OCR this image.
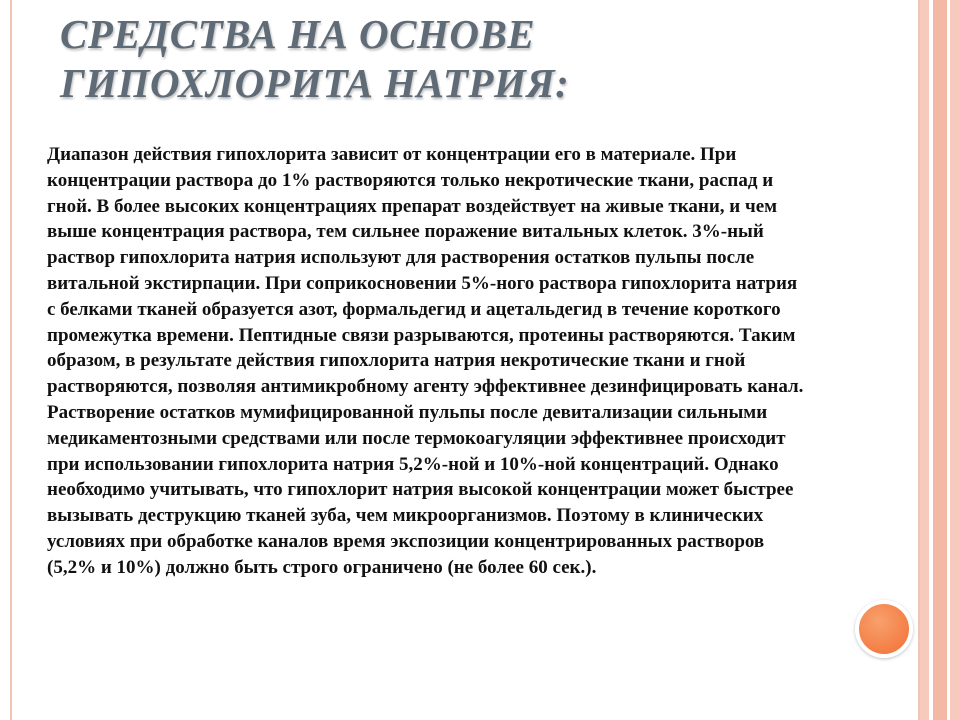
СРЕДСТВА НА ОСНОВЕ
ГИПОХЛОРИТА НАТРИЯ:
Диапазон действия гипохлорита зависит от концентрации его в материале. При
концентрации раствора до 1% растворяются только некротические ткани, распад и
гной. В более высоких концентрациях препарат воздействует на живые ткани, и чем
выше концентрация раствора, тем сильнее поражение витальных клеток. 3%-ный
раствор гипохлорита натрия используют для растворения остатков пульпы после
витальной экстирпации. При соприкосновении 5%-ного раствора гипохлорита натрия
с белками тканей образуется азот, формальдегид и ацетальдегид в течение короткого
промежутка времени. Пептидные связи разрываются, протеины растворяются. Таким
образом, в результате действия гипохлорита натрия некротические ткани и гной
растворяются, позволяя антимикробному агенту эффективнее дезинфицировать канал.
Растворение остатков мумифицированной пульпы после девитализации сильными
медикаментозными средствами или после термокоагуляции эффективнее происходит
при использовании гипохлорита натрия 5,2%-ной и 10%-ной концентраций. Однако
необходимо учитывать, что гипохлорит натрия высокой концентрации может быстрее
вызывать деструкцию тканей зуба, чем микроорганизмов. Поэтому в клинических
условиях при обработке каналов время экспозиции концентрированных растворов
(5,2% и 10%) должно быть строго ограничено (не более 60 сек.).
